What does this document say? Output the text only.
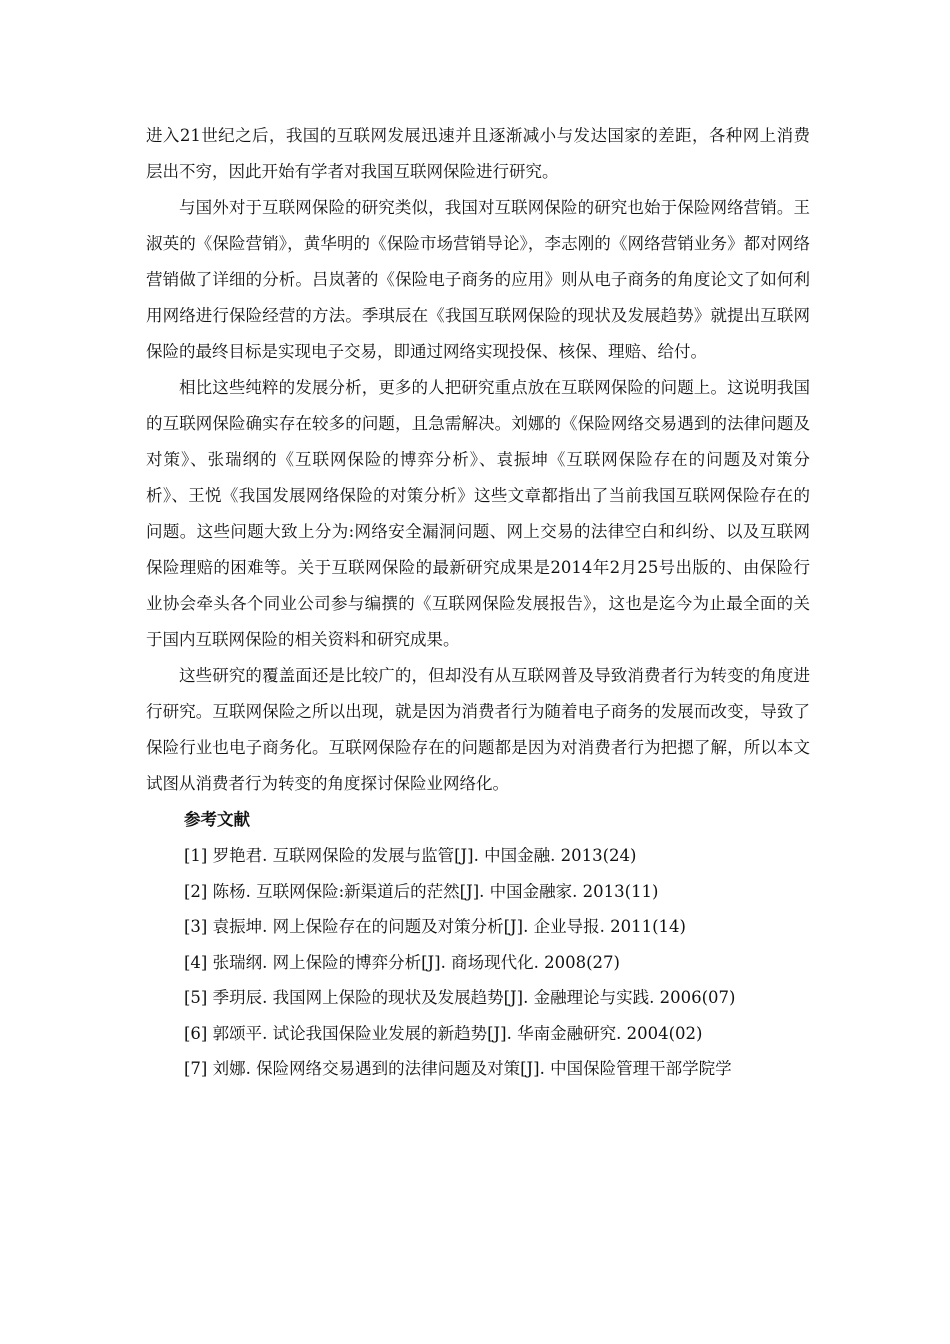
进入21世纪之后，我国的互联网发展迅速并且逐渐减小与发达国家的差距，各种网上消费层出不穷，因此开始有学者对我国互联网保险进行研究。

与国外对于互联网保险的研究类似，我国对互联网保险的研究也始于保险网络营销。王淑英的《保险营销》，黄华明的《保险市场营销导论》，李志刚的《网络营销业务》都对网络营销做了详细的分析。吕岚著的《保险电子商务的应用》则从电子商务的角度论文了如何利用网络进行保险经营的方法。季琪辰在《我国互联网保险的现状及发展趋势》就提出互联网保险的最终目标是实现电子交易，即通过网络实现投保、核保、理赔、给付。

相比这些纯粹的发展分析，更多的人把研究重点放在互联网保险的问题上。这说明我国的互联网保险确实存在较多的问题，且急需解决。刘娜的《保险网络交易遇到的法律问题及对策》、张瑞纲的《互联网保险的博弈分析》、袁振坤《互联网保险存在的问题及对策分析》、王悦《我国发展网络保险的对策分析》这些文章都指出了当前我国互联网保险存在的问题。这些问题大致上分为:网络安全漏洞问题、网上交易的法律空白和纠纷、以及互联网保险理赔的困难等。关于互联网保险的最新研究成果是2014年2月25号出版的、由保险行业协会牵头各个同业公司参与编撰的《互联网保险发展报告》，这也是迄今为止最全面的关于国内互联网保险的相关资料和研究成果。

这些研究的覆盖面还是比较广的，但却没有从互联网普及导致消费者行为转变的角度进行研究。互联网保险之所以出现，就是因为消费者行为随着电子商务的发展而改变，导致了保险行业也电子商务化。互联网保险存在的问题都是因为对消费者行为把摁了解，所以本文试图从消费者行为转变的角度探讨保险业网络化。

参考文献
[1] 罗艳君. 互联网保险的发展与监管[J]. 中国金融. 2013(24)
[2] 陈杨. 互联网保险:新渠道后的茫然[J]. 中国金融家. 2013(11)
[3] 袁振坤. 网上保险存在的问题及对策分析[J]. 企业导报. 2011(14)
[4] 张瑞纲. 网上保险的博弈分析[J]. 商场现代化. 2008(27)
[5] 季玥辰. 我国网上保险的现状及发展趋势[J]. 金融理论与实践. 2006(07)
[6] 郭颂平. 试论我国保险业发展的新趋势[J]. 华南金融研究. 2004(02)
[7] 刘娜. 保险网络交易遇到的法律问题及对策[J]. 中国保险管理干部学院学
